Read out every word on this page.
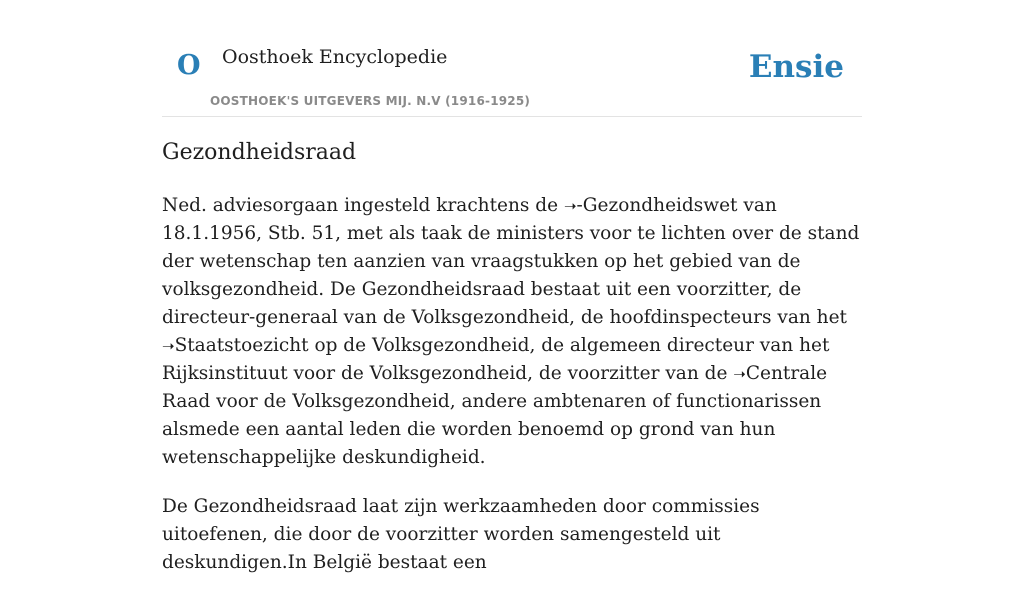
O Oosthoek Encyclopedie
OOSTHOEK'S UITGEVERS MIJ. N.V (1916-1925)
Ensie
Gezondheidsraad

Ned. adviesorgaan ingesteld krachtens de ➝-Gezondheidswet van 18.1.1956, Stb. 51, met als taak de ministers voor te lichten over de stand der wetenschap ten aanzien van vraagstukken op het gebied van de volksgezondheid. De Gezondheidsraad bestaat uit een voorzitter, de directeur-generaal van de Volksgezondheid, de hoofdinspecteurs van het ➝Staatstoezicht op de Volksgezondheid, de algemeen directeur van het Rijksinstituut voor de Volksgezondheid, de voorzitter van de ➝Centrale Raad voor de Volksgezondheid, andere ambtenaren of functionarissen alsmede een aantal leden die worden benoemd op grond van hun wetenschappelijke deskundigheid.

De Gezondheidsraad laat zijn werkzaamheden door commissies uitoefenen, die door de voorzitter worden samengesteld uit deskundigen.In België bestaat een
